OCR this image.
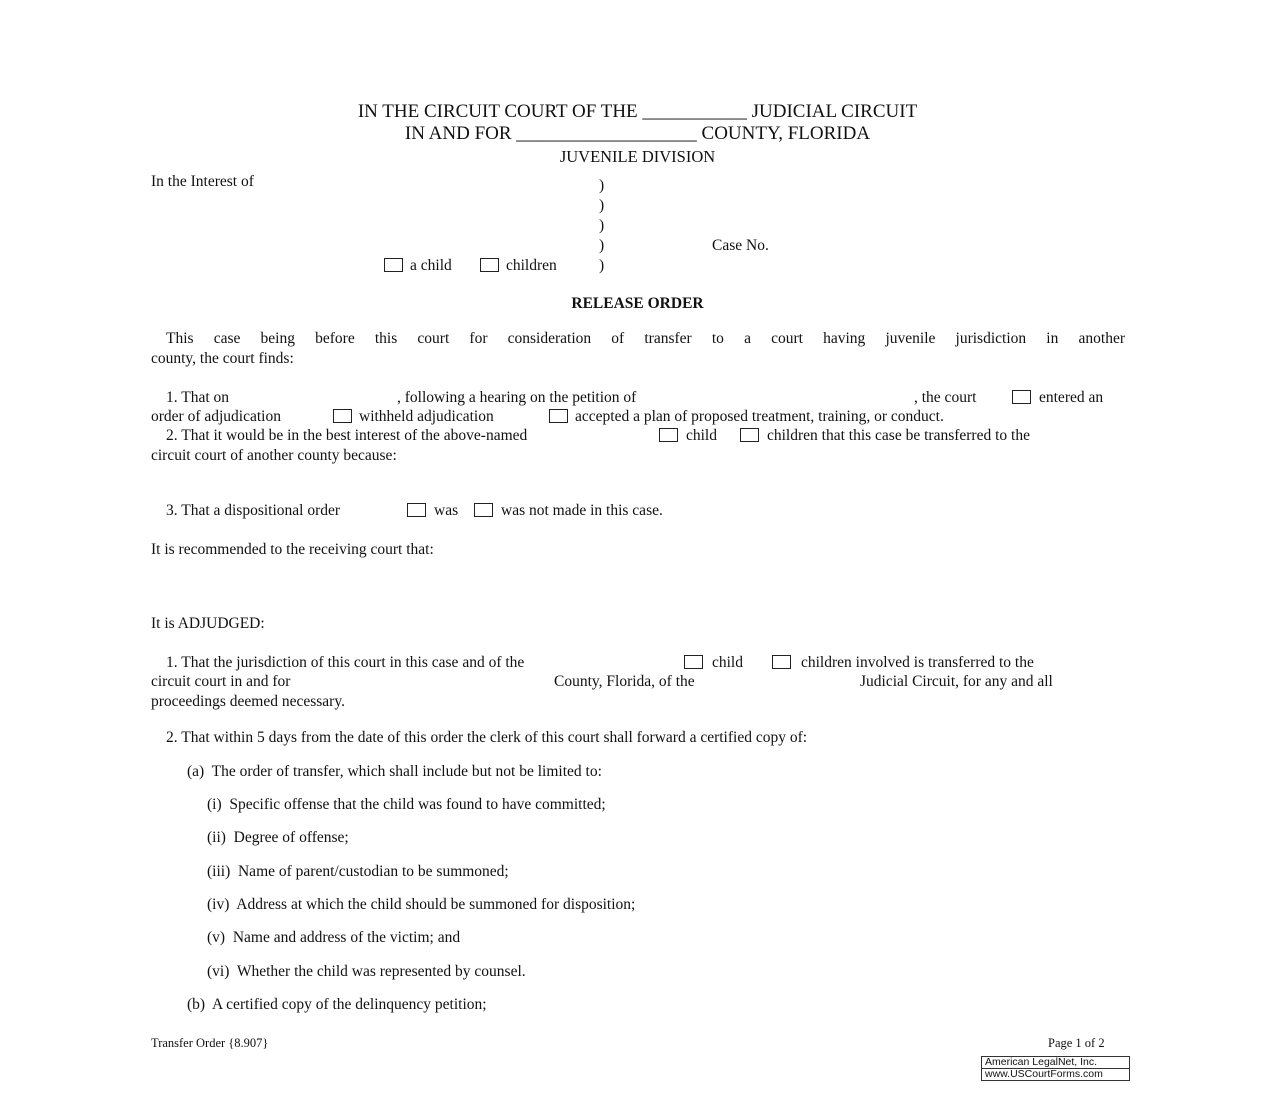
IN THE CIRCUIT COURT OF THE ___________ JUDICIAL CIRCUIT
IN AND FOR ___________________ COUNTY, FLORIDA
JUVENILE DIVISION
In the Interest of	)
)
)
)
)
Case No.
a child	children
RELEASE ORDER
This case being before this court for consideration of transfer to a court having juvenile jurisdiction in another
county, the court finds:
1. That on	, following a hearing on the petition of	, the court	entered an
order of adjudication	withheld adjudication	accepted a plan of proposed treatment, training, or conduct.
2. That it would be in the best interest of the above-named	child	children that this case be transferred to the
circuit court of another county because:
3. That a dispositional order	was	was not made in this case.
It is recommended to the receiving court that:
It is ADJUDGED:
1. That the jurisdiction of this court in this case and of the	child	children involved is transferred to the
circuit court in and for	County, Florida, of the	Judicial Circuit, for any and all
proceedings deemed necessary.
2. That within 5 days from the date of this order the clerk of this court shall forward a certified copy of:
(a)  The order of transfer, which shall include but not be limited to:
(i)  Specific offense that the child was found to have committed;
(ii)  Degree of offense;
(iii)  Name of parent/custodian to be summoned;
(iv)  Address at which the child should be summoned for disposition;
(v)  Name and address of the victim; and
(vi)  Whether the child was represented by counsel.
(b)  A certified copy of the delinquency petition;
Transfer Order {8.907}	Page 1 of 2
American LegalNet, Inc.
www.USCourtForms.com
